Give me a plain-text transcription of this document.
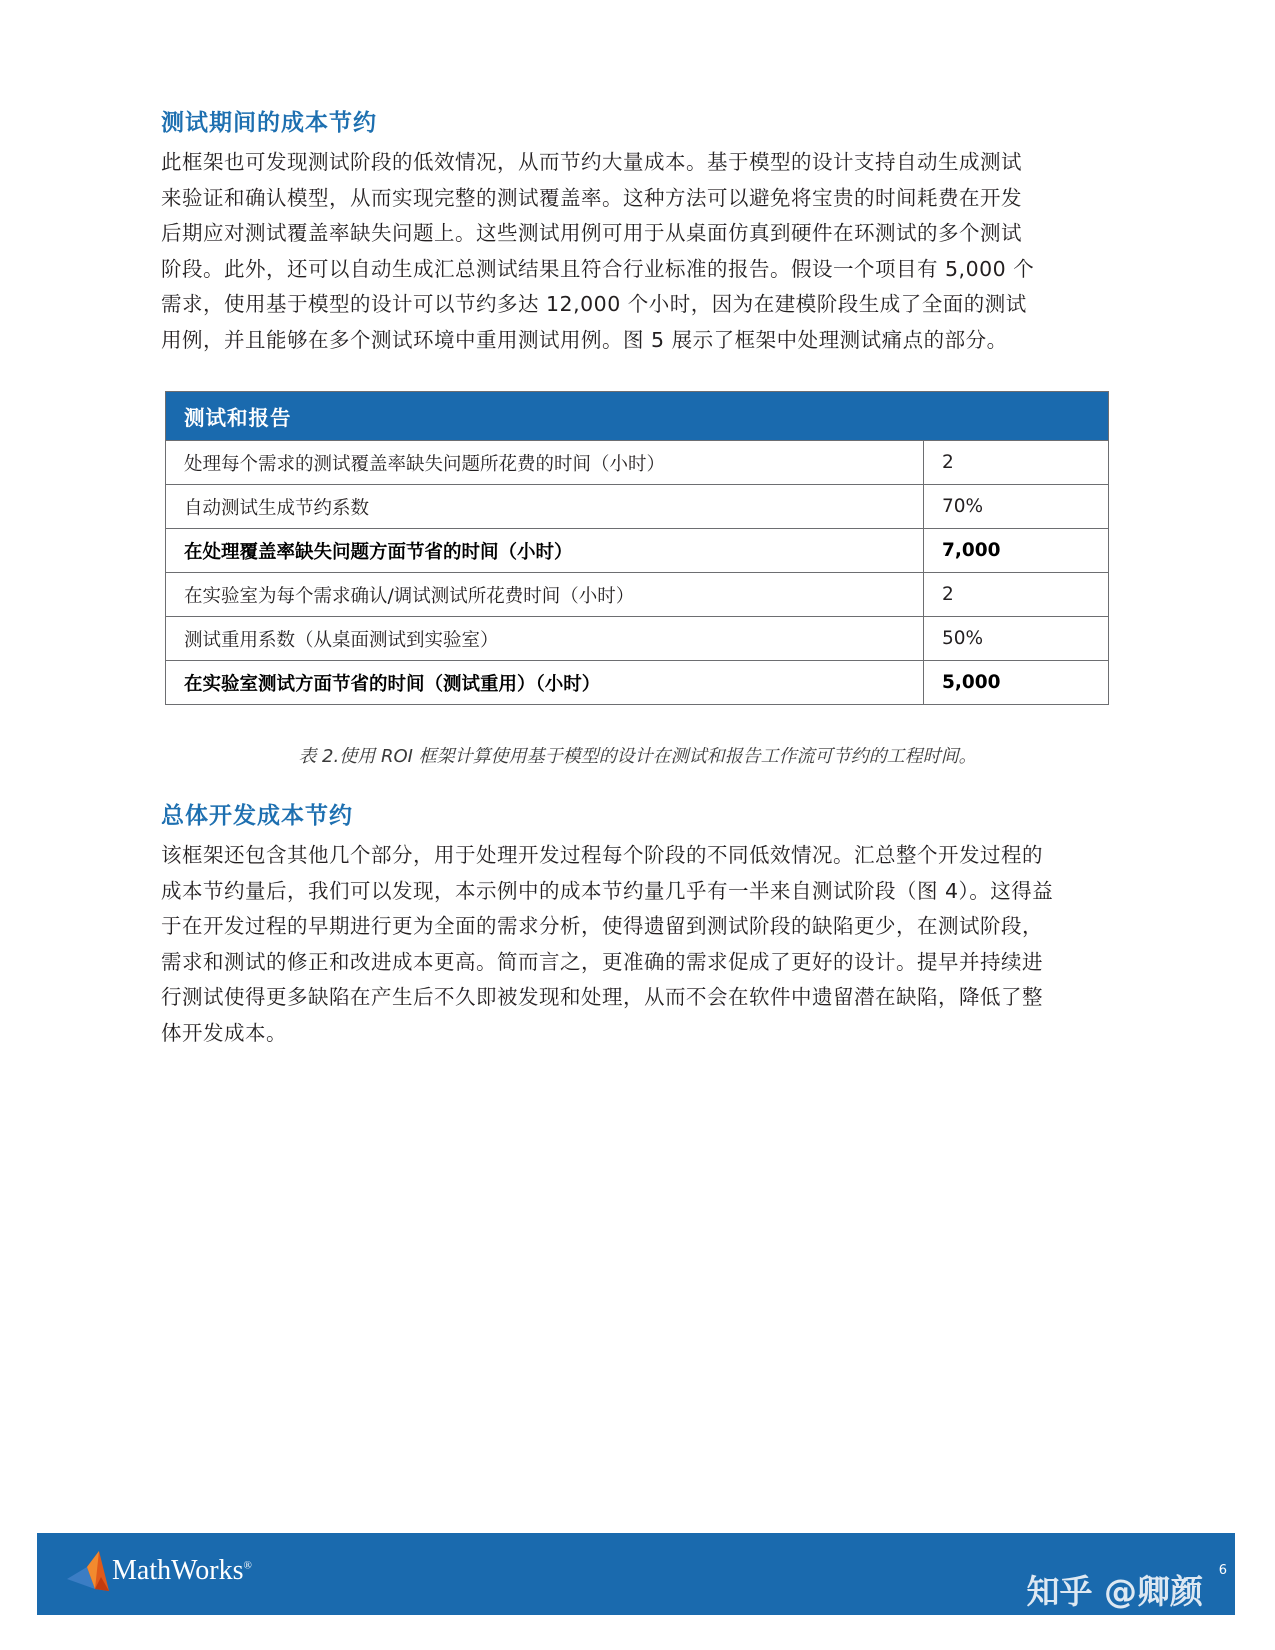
测试期间的成本节约
此框架也可发现测试阶段的低效情况，从而节约大量成本。基于模型的设计支持自动生成测试
来验证和确认模型，从而实现完整的测试覆盖率。这种方法可以避免将宝贵的时间耗费在开发
后期应对测试覆盖率缺失问题上。这些测试用例可用于从桌面仿真到硬件在环测试的多个测试
阶段。此外，还可以自动生成汇总测试结果且符合行业标准的报告。假设一个项目有 5,000 个
需求，使用基于模型的设计可以节约多达 12,000 个小时，因为在建模阶段生成了全面的测试
用例，并且能够在多个测试环境中重用测试用例。图 5 展示了框架中处理测试痛点的部分。
测试和报告
处理每个需求的测试覆盖率缺失问题所花费的时间（小时）	2
自动测试生成节约系数	70%
在处理覆盖率缺失问题方面节省的时间（小时）	7,000
在实验室为每个需求确认/调试测试所花费时间（小时）	2
测试重用系数（从桌面测试到实验室）	50%
在实验室测试方面节省的时间（测试重用）（小时）	5,000

表 2.使用 ROI 框架计算使用基于模型的设计在测试和报告工作流可节约的工程时间。

总体开发成本节约
该框架还包含其他几个部分，用于处理开发过程每个阶段的不同低效情况。汇总整个开发过程的
成本节约量后，我们可以发现，本示例中的成本节约量几乎有一半来自测试阶段（图 4）。这得益
于在开发过程的早期进行更为全面的需求分析，使得遗留到测试阶段的缺陷更少，在测试阶段，
需求和测试的修正和改进成本更高。简而言之，更准确的需求促成了更好的设计。提早并持续进
行测试使得更多缺陷在产生后不久即被发现和处理，从而不会在软件中遗留潜在缺陷，降低了整
体开发成本。
MathWorks®	6

知乎 @卿颜
